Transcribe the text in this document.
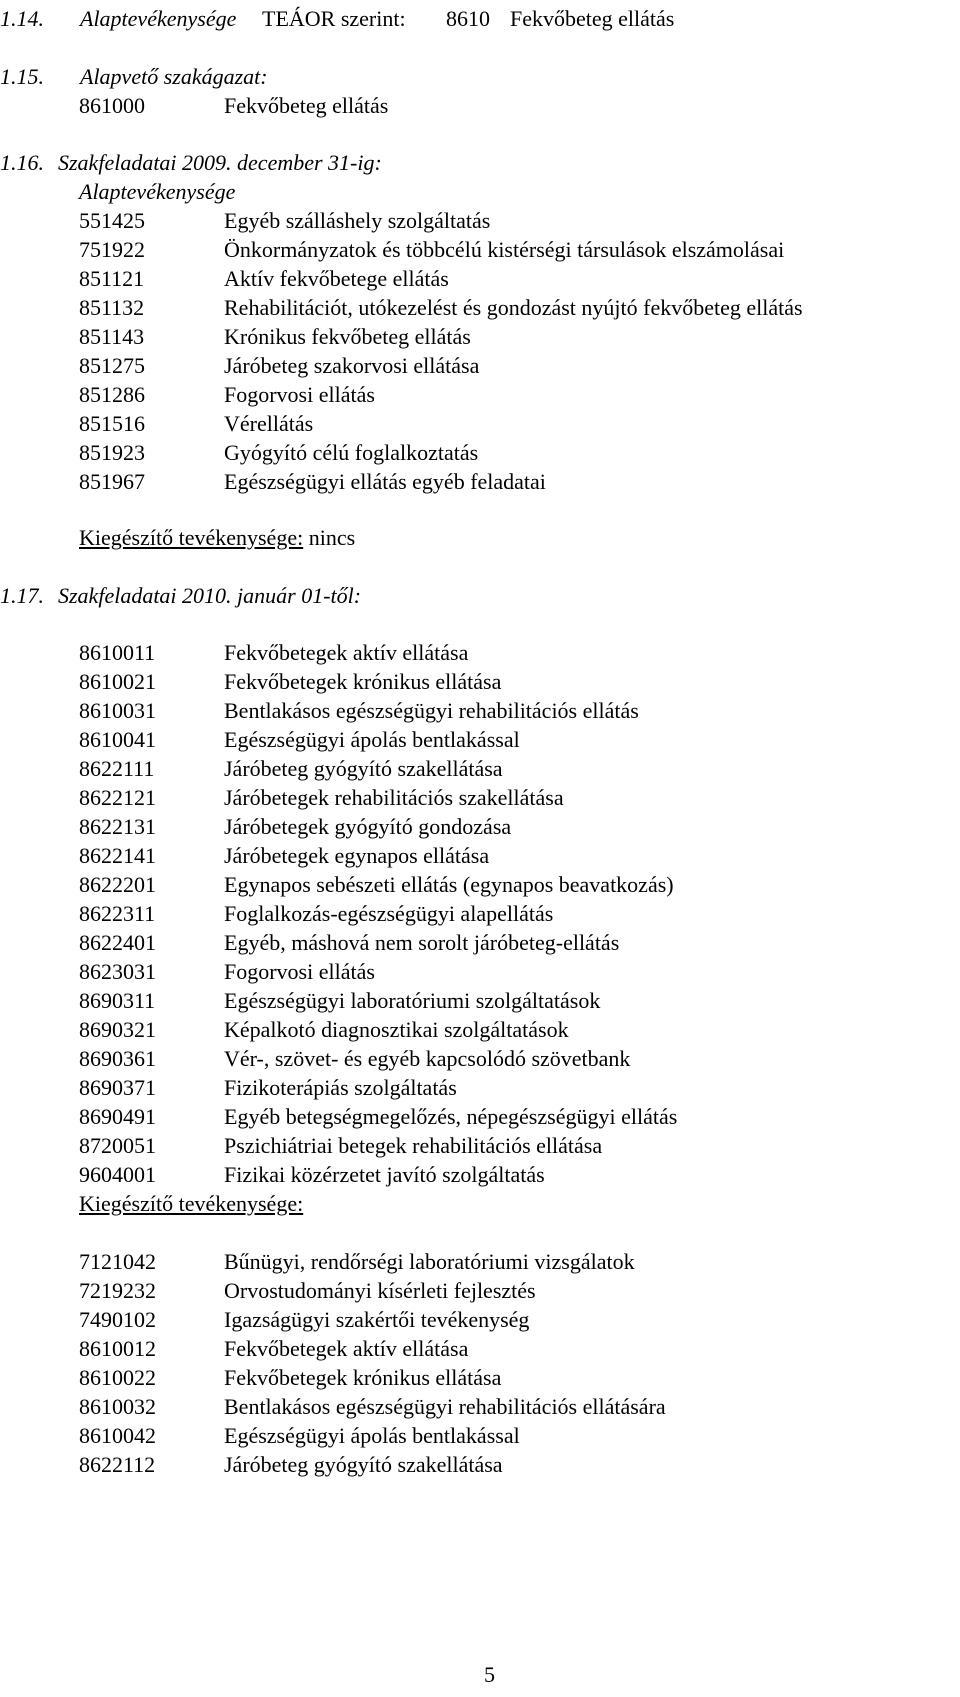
1.14. Alaptevékenysége TEÁOR szerint: 8610 Fekvőbeteg ellátás
1.15. Alapvető szakágazat:
861000	Fekvőbeteg ellátás
1.16. Szakfeladatai 2009. december 31-ig:
Alaptevékenysége
551425	Egyéb szálláshely szolgáltatás
751922	Önkormányzatok és többcélú kistérségi társulások elszámolásai
851121	Aktív fekvőbetege ellátás
851132	Rehabilitációt, utókezelést és gondozást nyújtó fekvőbeteg ellátás
851143	Krónikus fekvőbeteg ellátás
851275	Járóbeteg szakorvosi ellátása
851286	Fogorvosi ellátás
851516	Vérellátás
851923	Gyógyító célú foglalkoztatás
851967	Egészségügyi ellátás egyéb feladatai
Kiegészítő tevékenysége: nincs
1.17. Szakfeladatai 2010. január 01-től:
8610011	Fekvőbetegek aktív ellátása
8610021	Fekvőbetegek krónikus ellátása
8610031	Bentlakásos egészségügyi rehabilitációs ellátás
8610041	Egészségügyi ápolás bentlakással
8622111	Járóbeteg gyógyító szakellátása
8622121	Járóbetegek rehabilitációs szakellátása
8622131	Járóbetegek gyógyító gondozása
8622141	Járóbetegek egynapos ellátása
8622201	Egynapos sebészeti ellátás (egynapos beavatkozás)
8622311	Foglalkozás-egészségügyi alapellátás
8622401	Egyéb, máshová nem sorolt járóbeteg-ellátás
8623031	Fogorvosi ellátás
8690311	Egészségügyi laboratóriumi szolgáltatások
8690321	Képalkotó diagnosztikai szolgáltatások
8690361	Vér-, szövet- és egyéb kapcsolódó szövetbank
8690371	Fizikoterápiás szolgáltatás
8690491	Egyéb betegségmegelőzés, népegészségügyi ellátás
8720051	Pszichiátriai betegek rehabilitációs ellátása
9604001	Fizikai közérzetet javító szolgáltatás
Kiegészítő tevékenysége:
7121042	Bűnügyi, rendőrségi laboratóriumi vizsgálatok
7219232	Orvostudományi kísérleti fejlesztés
7490102	Igazságügyi szakértői tevékenység
8610012	Fekvőbetegek aktív ellátása
8610022	Fekvőbetegek krónikus ellátása
8610032	Bentlakásos egészségügyi rehabilitációs ellátására
8610042	Egészségügyi ápolás bentlakással
8622112	Járóbeteg gyógyító szakellátása
5
